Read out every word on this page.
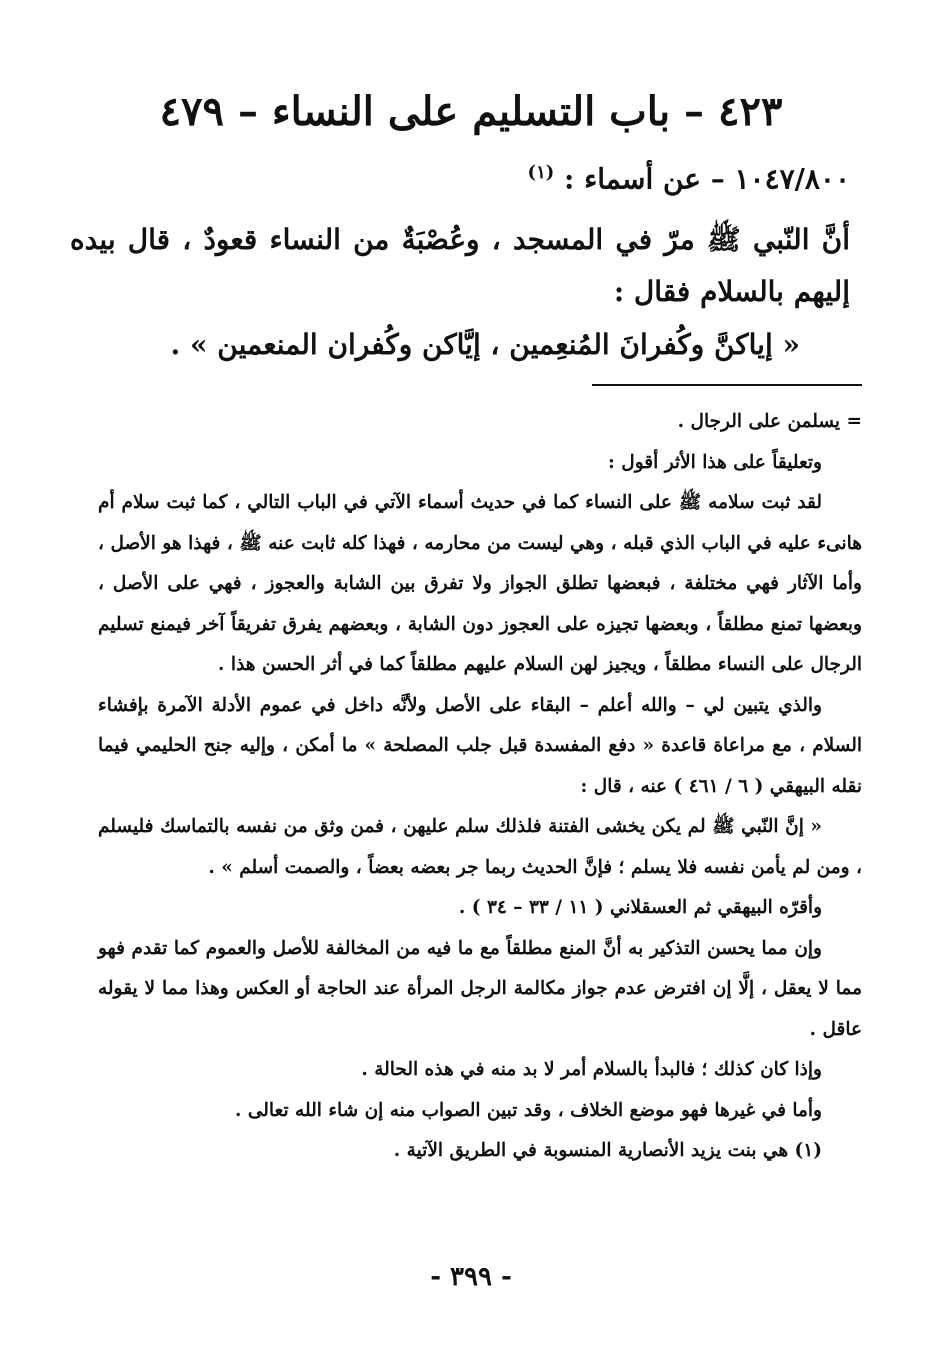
٤٢٣ – باب التسليم على النساء – ٤٧٩

١٠٤٧/٨٠٠ – عن أسماء : $^{(١)}$

أنَّ النّبي ﷺ مرّ في المسجد ، وعُصْبَةٌ من النساء قعودٌ ، قال بيده إليهم بالسلام فقال :

« إياكنَّ وكُفرانَ المُنعِمين ، إيَّاكن وكُفران المنعمين » .

= يسلمن على الرجال .

وتعليقاً على هذا الأثر أقول :

لقد ثبت سلامه ﷺ على النساء كما في حديث أسماء الآتي في الباب التالي ، كما ثبت سلام أم هانىء عليه في الباب الذي قبله ، وهي ليست من محارمه ، فهذا كله ثابت عنه ﷺ ، فهذا هو الأصل ، وأما الآثار فهي مختلفة ، فبعضها تطلق الجواز ولا تفرق بين الشابة والعجوز ، فهي على الأصل ، وبعضها تمنع مطلقاً ، وبعضها تجيزه على العجوز دون الشابة ، وبعضهم يفرق تفريقاً آخر فيمنع تسليم الرجال على النساء مطلقاً ، ويجيز لهن السلام عليهم مطلقاً كما في أثر الحسن هذا .

والذي يتبين لي – والله أعلم – البقاء على الأصل ولأنَّه داخل في عموم الأدلة الآمرة بإفشاء السلام ، مع مراعاة قاعدة « دفع المفسدة قبل جلب المصلحة » ما أمكن ، وإليه جنح الحليمي فيما نقله البيهقي ( ٦ / ٤٦١ ) عنه ، قال :

« إنَّ النّبي ﷺ لم يكن يخشى الفتنة فلذلك سلم عليهن ، فمن وثق من نفسه بالتماسك فليسلم ، ومن لم يأمن نفسه فلا يسلم ؛ فإنَّ الحديث ربما جر بعضه بعضاً ، والصمت أسلم » .

وأقرّه البيهقي ثم العسقلاني ( ١١ / ٣٣ – ٣٤ ) .

وإن مما يحسن التذكير به أنَّ المنع مطلقاً مع ما فيه من المخالفة للأصل والعموم كما تقدم فهو مما لا يعقل ، إلَّا إن افترض عدم جواز مكالمة الرجل المرأة عند الحاجة أو العكس وهذا مما لا يقوله عاقل .

وإذا كان كذلك ؛ فالبدأ بالسلام أمر لا بد منه في هذه الحالة .

وأما في غيرها فهو موضع الخلاف ، وقد تبين الصواب منه إن شاء الله تعالى .

(١) هي بنت يزيد الأنصارية المنسوبة في الطريق الآتية .

- ٣٩٩ -
